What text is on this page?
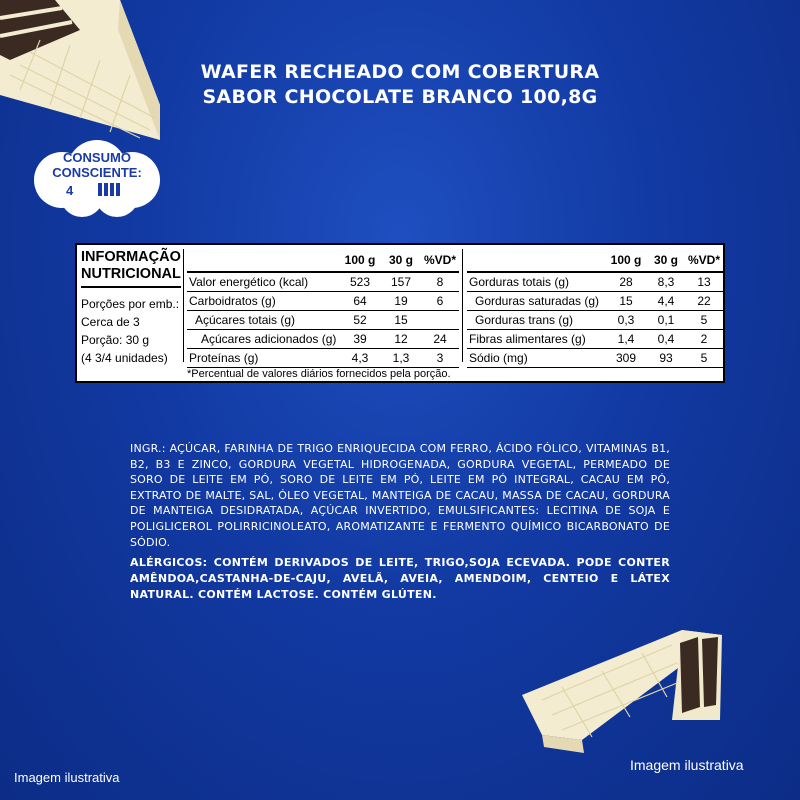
CONSUMO CONSCIENTE:
4
WAFER RECHEADO COM COBERTURA
SABOR CHOCOLATE BRANCO 100,8G
INFORMAÇÃO NUTRICIONAL
Porções por emb.:
Cerca de 3
Porção: 30 g
(4 3/4 unidades)
	100 g	30 g	%VD*
Valor energético (kcal)	523	157	8
Carboidratos (g)	64	19	6
Açúcares totais (g)	52	15	
Açúcares adicionados (g)	39	12	24
Proteínas (g)	4,3	1,3	3
	100 g	30 g	%VD*
Gorduras totais (g)	28	8,3	13
Gorduras saturadas (g)	15	4,4	22
Gorduras trans (g)	0,3	0,1	5
Fibras alimentares (g)	1,4	0,4	2
Sódio (mg)	309	93	5
*Percentual de valores diários fornecidos pela porção.
INGR.: AÇÚCAR, FARINHA DE TRIGO ENRIQUECIDA COM FERRO, ÁCIDO FÓLICO, VITAMINAS B1, B2, B3 E ZINCO, GORDURA VEGETAL HIDROGENADA, GORDURA VEGETAL, PERMEADO DE SORO DE LEITE EM PÓ, SORO DE LEITE EM PÓ, LEITE EM PÓ INTEGRAL, CACAU EM PÓ, EXTRATO DE MALTE, SAL, ÓLEO VEGETAL, MANTEIGA DE CACAU, MASSA DE CACAU, GORDURA DE MANTEIGA DESIDRATADA, AÇÚCAR INVERTIDO, EMULSIFICANTES: LECITINA DE SOJA E POLIGLICEROL POLIRRICINOLEATO, AROMATIZANTE E FERMENTO QUÍMICO BICARBONATO DE SÓDIO.
ALÉRGICOS: CONTÉM DERIVADOS DE LEITE, TRIGO,SOJA ECEVADA. PODE CONTER AMÊNDOA,CASTANHA-DE-CAJU, AVELÃ, AVEIA, AMENDOIM, CENTEIO E LÁTEX NATURAL. CONTÉM LACTOSE. CONTÉM GLÚTEN.
Imagem ilustrativa
Imagem ilustrativa
